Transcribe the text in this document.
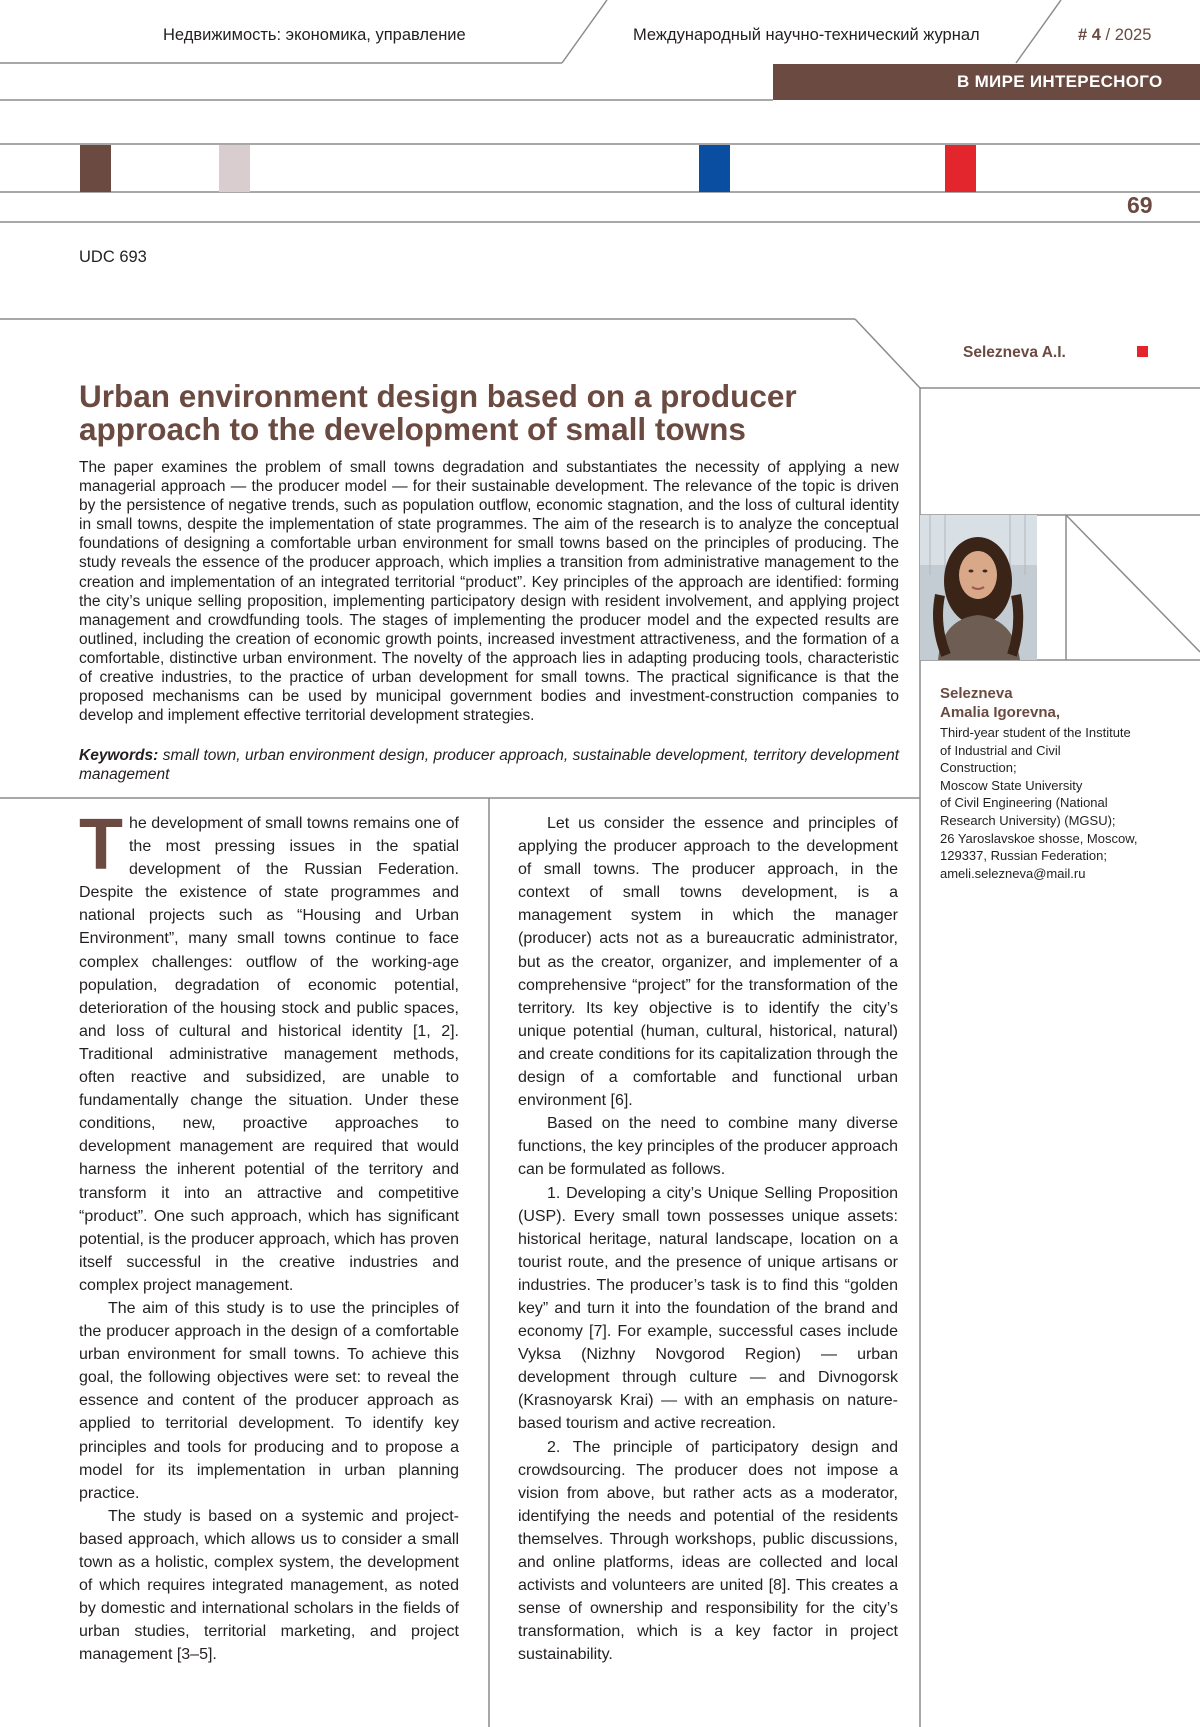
Недвижимость: экономика, управление	Международный научно-технический журнал	# 4 / 2025
В МИРЕ ИНТЕРЕСНОГО
69
UDC 693
Selezneva A.I.
Urban environment design based on a producer approach to the development of small towns

The paper examines the problem of small towns degradation and substantiates the necessity of applying a new managerial approach — the producer model — for their sustainable development. The relevance of the topic is driven by the persistence of negative trends, such as population outflow, economic stagnation, and the loss of cultural identity in small towns, despite the implementation of state programmes. The aim of the research is to analyze the conceptual foundations of designing a comfortable urban environment for small towns based on the principles of producing. The study reveals the essence of the producer approach, which implies a transition from administrative management to the creation and implementation of an integrated territorial “product”. Key principles of the approach are identified: forming the city’s unique selling proposition, implementing participatory design with resident involvement, and applying project management and crowdfunding tools. The stages of implementing the producer model and the expected results are outlined, including the creation of economic growth points, increased investment attractiveness, and the formation of a comfortable, distinctive urban environment. The novelty of the approach lies in adapting producing tools, characteristic of creative industries, to the practice of urban development for small towns. The practical significance is that the proposed mechanisms can be used by municipal government bodies and investment-construction companies to develop and implement effective territorial development strategies.

Keywords: small town, urban environment design, producer approach, sustainable development, territory development management

Selezneva
Amalia Igorevna,
Third-year student of the Institute
of Industrial and Civil Construction;
Moscow State University
of Civil Engineering (National
Research University) (MGSU);
26 Yaroslavskoe shosse, Moscow,
129337, Russian Federation;
ameli.selezneva@mail.ru

The development of small towns remains one of the most pressing issues in the spatial development of the Russian Federation. Despite the existence of state programmes and national projects such as “Housing and Urban Environment”, many small towns continue to face complex challenges: outflow of the working-age population, degradation of economic potential, deterioration of the housing stock and public spaces, and loss of cultural and historical identity [1, 2]. Traditional administrative management methods, often reactive and subsidized, are unable to fundamentally change the situation. Under these conditions, new, proactive approaches to development management are required that would harness the inherent potential of the territory and transform it into an attractive and competitive “product”. One such approach, which has significant potential, is the producer approach, which has proven itself successful in the creative industries and complex project management.

The aim of this study is to use the principles of the producer approach in the design of a comfortable urban environment for small towns. To achieve this goal, the following objectives were set: to reveal the essence and content of the producer approach as applied to territorial development. To identify key principles and tools for producing and to propose a model for its implementation in urban planning practice.

The study is based on a systemic and project-based approach, which allows us to consider a small town as a holistic, complex system, the development of which requires integrated management, as noted by domestic and international scholars in the fields of urban studies, territorial marketing, and project management [3–5].

Let us consider the essence and principles of applying the producer approach to the development of small towns. The producer approach, in the context of small towns development, is a management system in which the manager (producer) acts not as a bureaucratic administrator, but as the creator, organizer, and implementer of a comprehensive “project” for the transformation of the territory. Its key objective is to identify the city’s unique potential (human, cultural, historical, natural) and create conditions for its capitalization through the design of a comfortable and functional urban environment [6].

Based on the need to combine many diverse functions, the key principles of the producer approach can be formulated as follows.

1. Developing a city’s Unique Selling Proposition (USP). Every small town possesses unique assets: historical heritage, natural landscape, location on a tourist route, and the presence of unique artisans or industries. The producer’s task is to find this “golden key” and turn it into the foundation of the brand and economy [7]. For example, successful cases include Vyksa (Nizhny Novgorod Region) — urban development through culture — and Divnogorsk (Krasnoyarsk Krai) — with an emphasis on nature-based tourism and active recreation.

2. The principle of participatory design and crowdsourcing. The producer does not impose a vision from above, but rather acts as a moderator, identifying the needs and potential of the residents themselves. Through workshops, public discussions, and online platforms, ideas are collected and local activists and volunteers are united [8]. This creates a sense of ownership and responsibility for the city’s transformation, which is a key factor in project sustainability.
